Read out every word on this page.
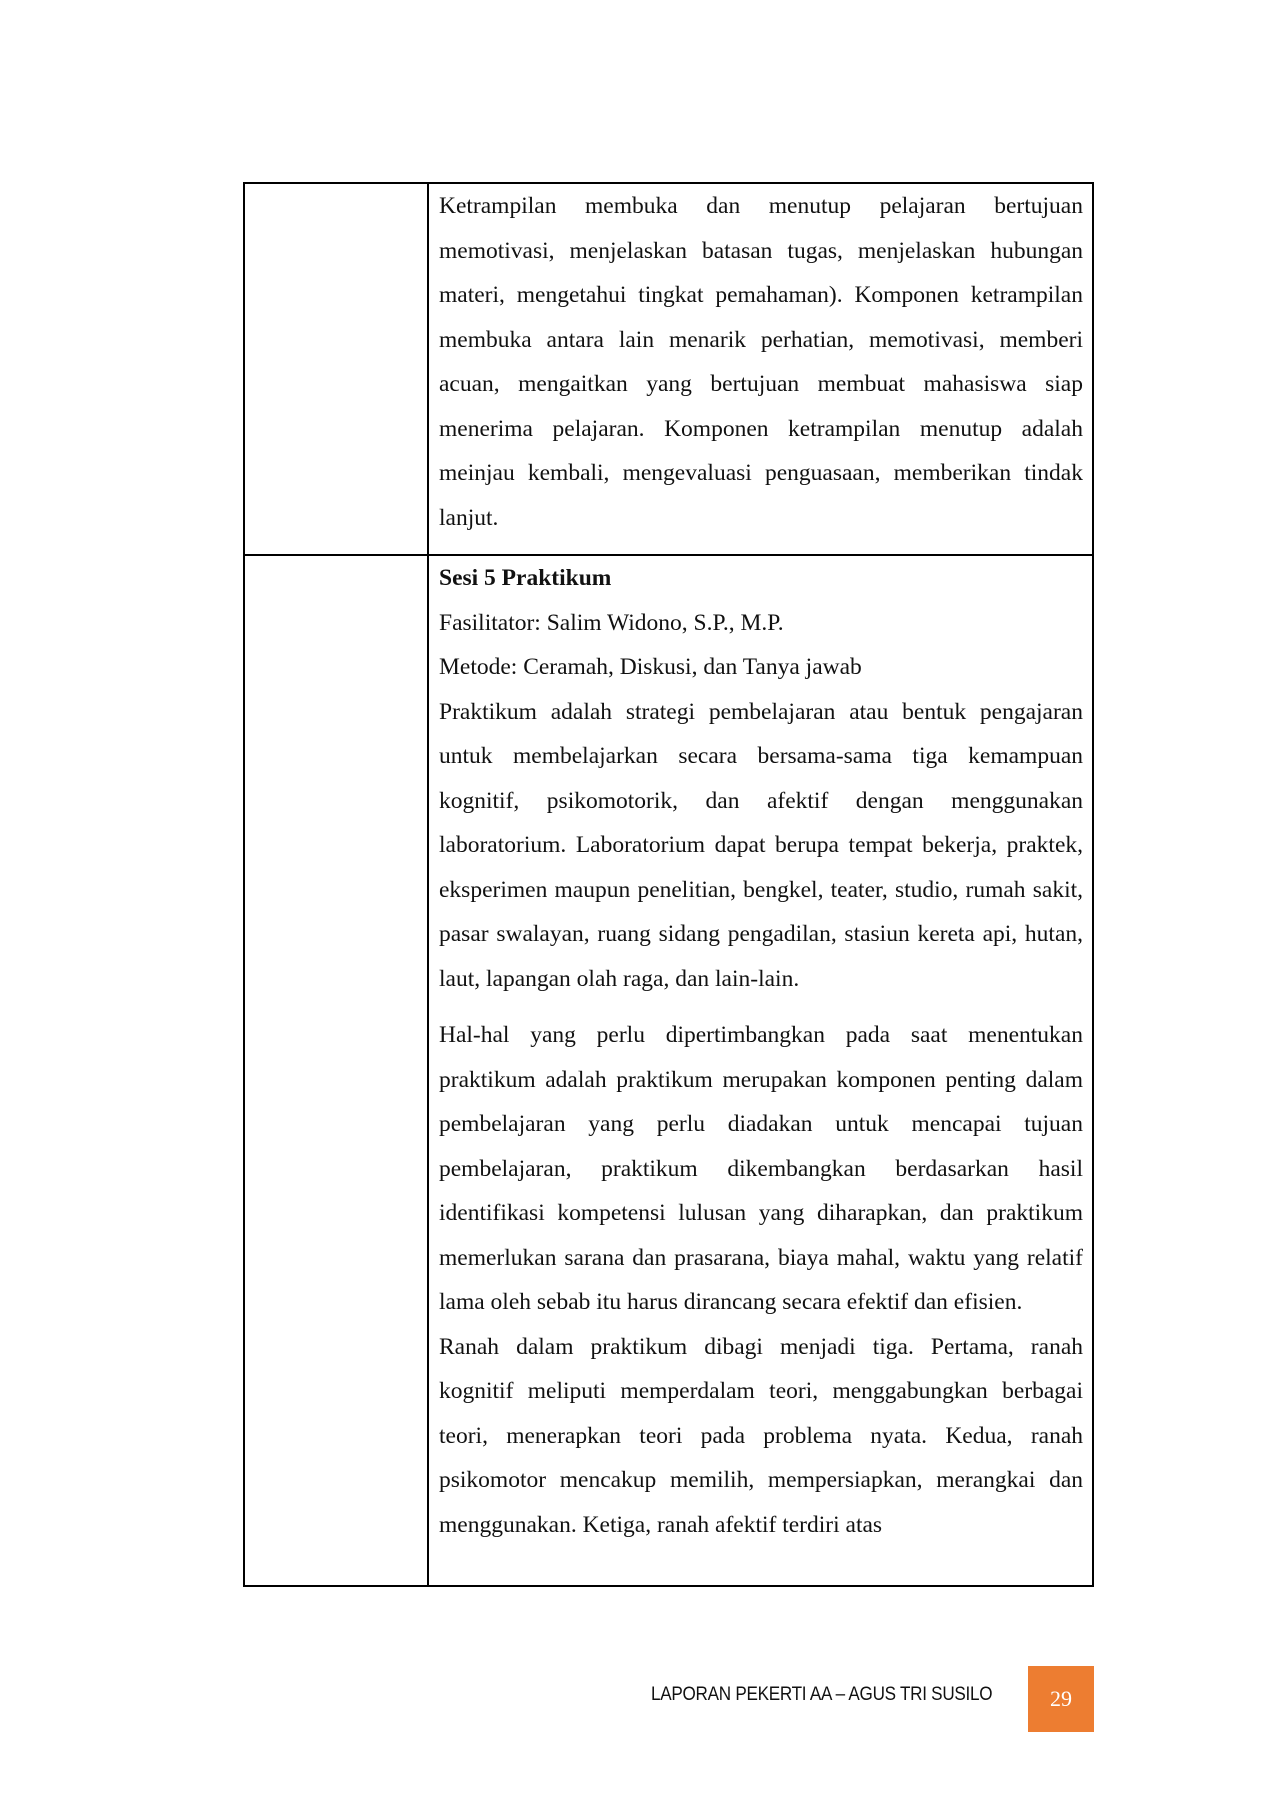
Ketrampilan membuka dan menutup pelajaran bertujuan memotivasi, menjelaskan batasan tugas, menjelaskan hubungan materi, mengetahui tingkat pemahaman). Komponen ketrampilan membuka antara lain menarik perhatian, memotivasi, memberi acuan, mengaitkan yang bertujuan membuat mahasiswa siap menerima pelajaran. Komponen ketrampilan menutup adalah meinjau kembali, mengevaluasi penguasaan, memberikan tindak lanjut.

Sesi 5 Praktikum

Fasilitator: Salim Widono, S.P., M.P.

Metode: Ceramah, Diskusi, dan Tanya jawab

Praktikum adalah strategi pembelajaran atau bentuk pengajaran untuk membelajarkan secara bersama-sama tiga kemampuan kognitif, psikomotorik, dan afektif dengan menggunakan laboratorium. Laboratorium dapat berupa tempat bekerja, praktek, eksperimen maupun penelitian, bengkel, teater, studio, rumah sakit, pasar swalayan, ruang sidang pengadilan, stasiun kereta api, hutan, laut, lapangan olah raga, dan lain-lain.

Hal-hal yang perlu dipertimbangkan pada saat menentukan praktikum adalah praktikum merupakan komponen penting dalam pembelajaran yang perlu diadakan untuk mencapai tujuan pembelajaran, praktikum dikembangkan berdasarkan hasil identifikasi kompetensi lulusan yang diharapkan, dan praktikum memerlukan sarana dan prasarana, biaya mahal, waktu yang relatif lama oleh sebab itu harus dirancang secara efektif dan efisien.

Ranah dalam praktikum dibagi menjadi tiga. Pertama, ranah kognitif meliputi memperdalam teori, menggabungkan berbagai teori, menerapkan teori pada problema nyata. Kedua, ranah psikomotor mencakup memilih, mempersiapkan, merangkai dan menggunakan. Ketiga, ranah afektif terdiri atas

LAPORAN PEKERTI AA – AGUS TRI SUSILO	29
